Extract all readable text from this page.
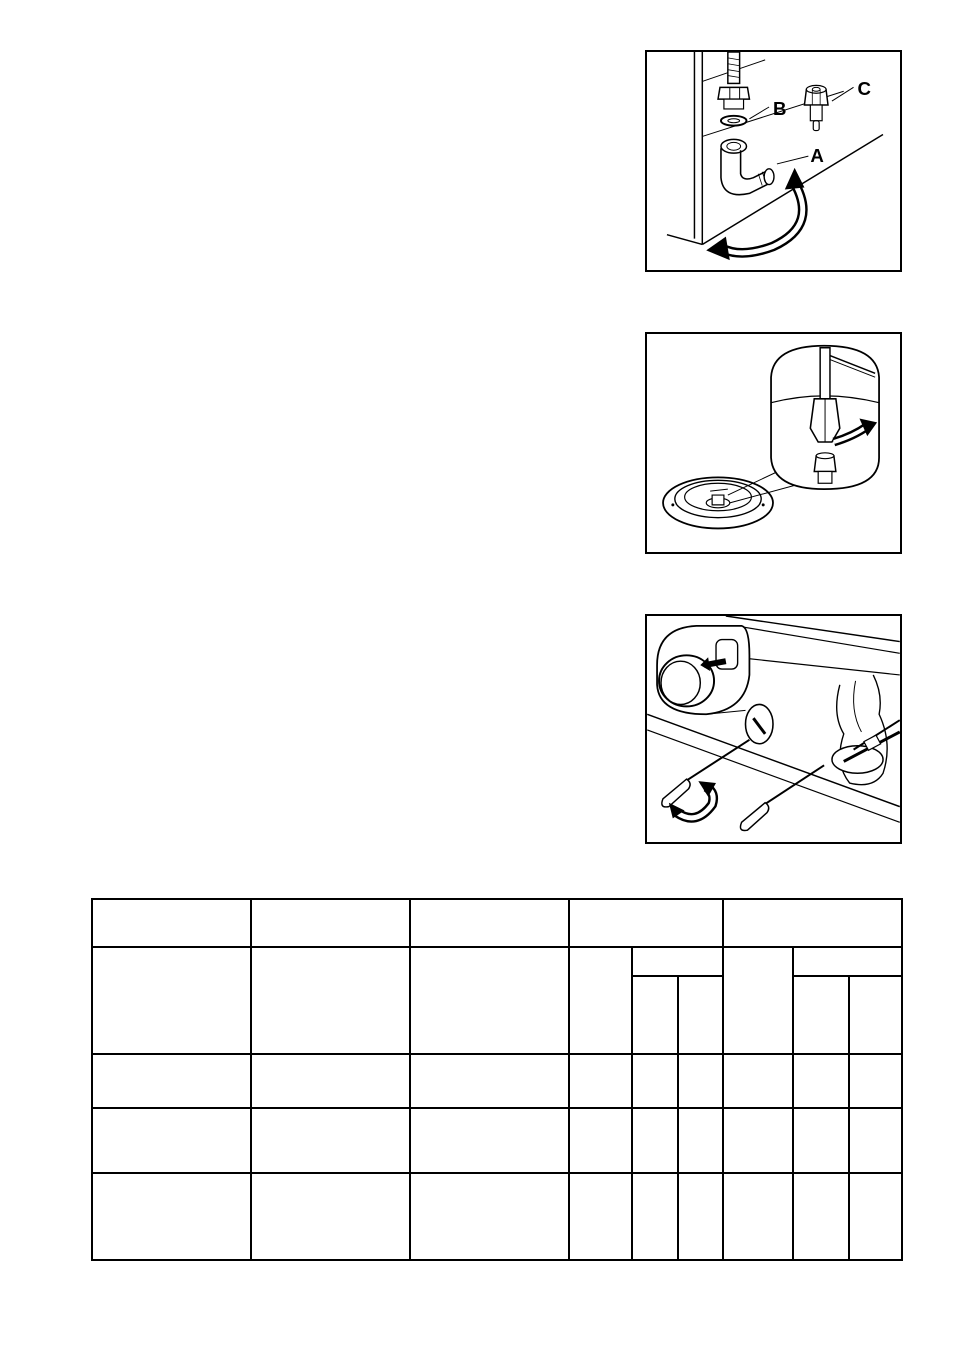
B
A
C
